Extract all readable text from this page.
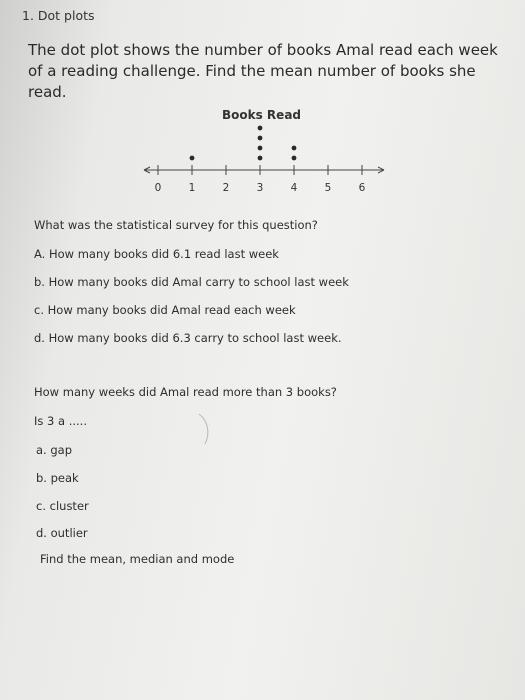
1. Dot plots

The dot plot shows the number of books Amal read each week of a reading challenge. Find the mean number of books she read.

Books Read

0	1	2	3	4	5	6
What was the statistical survey for this question?
A. How many books did 6.1 read last week
b. How many books did Amal carry to school last week
c. How many books did Amal read each week
d. How many books did 6.3 carry to school last week.
How many weeks did Amal read more than 3 books?
Is 3 a .....
a. gap
b. peak
c. cluster
d. outlier
Find the mean, median and mode
